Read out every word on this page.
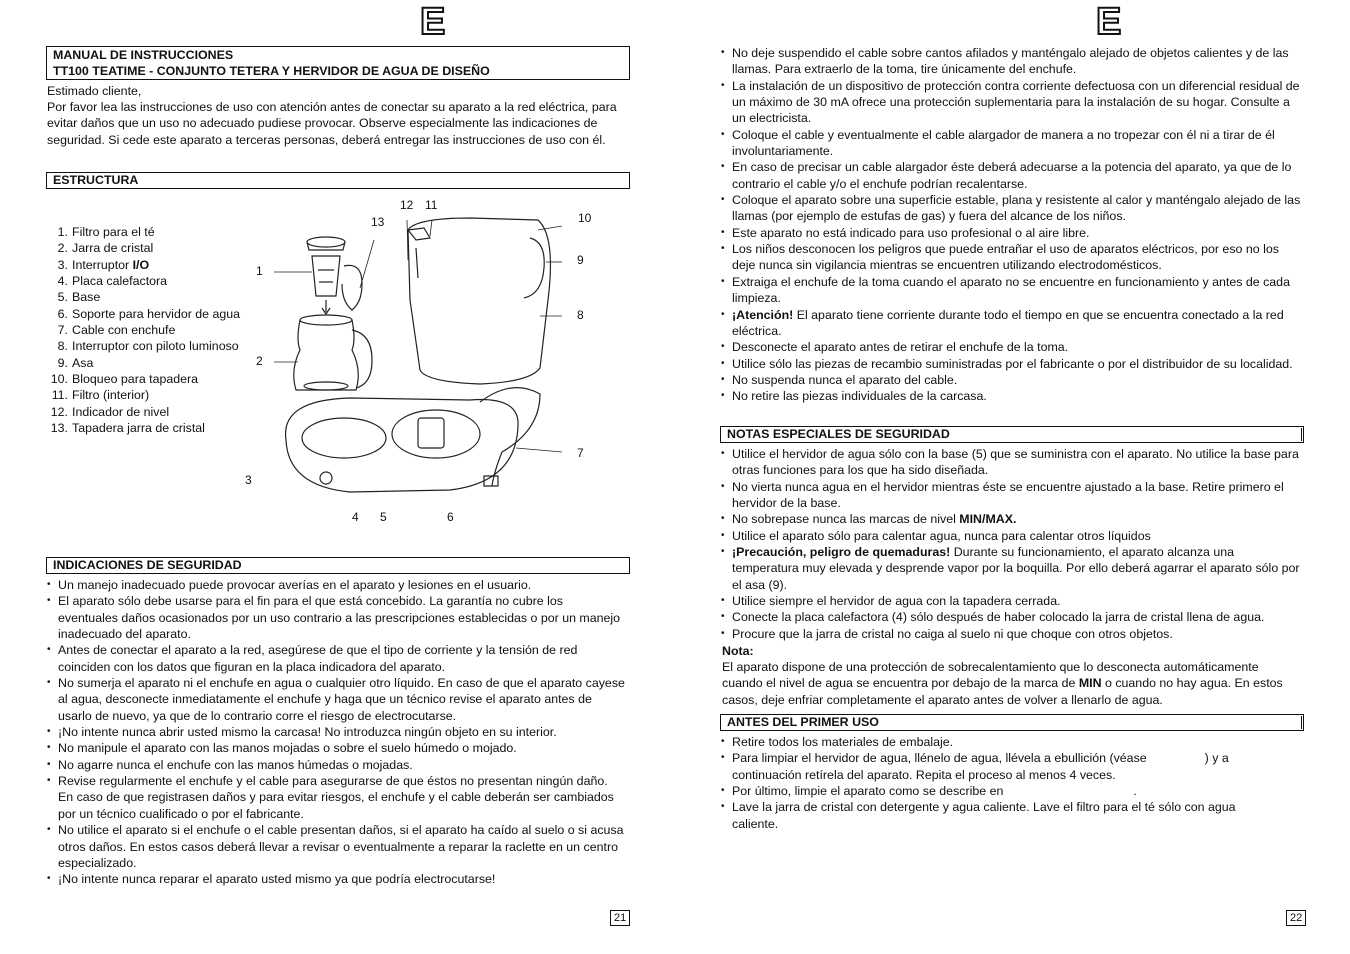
E
MANUAL DE INSTRUCCIONES
TT100 TEATIME - CONJUNTO TETERA Y HERVIDOR DE AGUA DE DISEÑO
Estimado cliente,
Por favor lea las instrucciones de uso con atención antes de conectar su aparato a la red eléctrica, para evitar daños que un uso no adecuado pudiese provocar. Observe especialmente las indicaciones de seguridad. Si cede este aparato a terceras personas, deberá entregar las instrucciones de uso con él.
ESTRUCTURA
1. Filtro para el té
2. Jarra de cristal
3. Interruptor I/O
4. Placa calefactora
5. Base
6. Soporte para hervidor de agua
7. Cable con enchufe
8. Interruptor con piloto luminoso
9. Asa
10. Bloqueo para tapadera
11. Filtro (interior)
12. Indicador de nivel
13. Tapadera jarra de cristal
1
2
3
4 5	6
7
8
9
10
11
12
13
INDICACIONES DE SEGURIDAD
• Un manejo inadecuado puede provocar averías en el aparato y lesiones en el usuario.
• El aparato sólo debe usarse para el fin para el que está concebido. La garantía no cubre los eventuales daños ocasionados por un uso contrario a las prescripciones establecidas o por un manejo inadecuado del aparato.
• Antes de conectar el aparato a la red, asegúrese de que el tipo de corriente y la tensión de red coinciden con los datos que figuran en la placa indicadora del aparato.
• No sumerja el aparato ni el enchufe en agua o cualquier otro líquido. En caso de que el aparato cayese al agua, desconecte inmediatamente el enchufe y haga que un técnico revise el aparato antes de usarlo de nuevo, ya que de lo contrario corre el riesgo de electrocutarse.
• ¡No intente nunca abrir usted mismo la carcasa! No introduzca ningún objeto en su interior.
• No manipule el aparato con las manos mojadas o sobre el suelo húmedo o mojado.
• No agarre nunca el enchufe con las manos húmedas o mojadas.
• Revise regularmente el enchufe y el cable para asegurarse de que éstos no presentan ningún daño. En caso de que registrasen daños y para evitar riesgos, el enchufe y el cable deberán ser cambiados por un técnico cualificado o por el fabricante.
• No utilice el aparato si el enchufe o el cable presentan daños, si el aparato ha caído al suelo o si acusa otros daños. En estos casos deberá llevar a revisar o eventualmente a reparar la raclette en un centro especializado.
• ¡No intente nunca reparar el aparato usted mismo ya que podría electrocutarse!
21
E
• No deje suspendido el cable sobre cantos afilados y manténgalo alejado de objetos calientes y de las llamas. Para extraerlo de la toma, tire únicamente del enchufe.
• La instalación de un dispositivo de protección contra corriente defectuosa con un diferencial residual de un máximo de 30 mA ofrece una protección suplementaria para la instalación de su hogar. Consulte a un electricista.
• Coloque el cable y eventualmente el cable alargador de manera a no tropezar con él ni a tirar de él involuntariamente.
• En caso de precisar un cable alargador éste deberá adecuarse a la potencia del aparato, ya que de lo contrario el cable y/o el enchufe podrían recalentarse.
• Coloque el aparato sobre una superficie estable, plana y resistente al calor y manténgalo alejado de las llamas (por ejemplo de estufas de gas) y fuera del alcance de los niños.
• Este aparato no está indicado para uso profesional o al aire libre.
• Los niños desconocen los peligros que puede entrañar el uso de aparatos eléctricos, por eso no los deje nunca sin vigilancia mientras se encuentren utilizando electrodomésticos.
• Extraiga el enchufe de la toma cuando el aparato no se encuentre en funcionamiento y antes de cada limpieza.
• ¡Atención! El aparato tiene corriente durante todo el tiempo en que se encuentra conectado a la red eléctrica.
• Desconecte el aparato antes de retirar el enchufe de la toma.
• Utilice sólo las piezas de recambio suministradas por el fabricante o por el distribuidor de su localidad.
• No suspenda nunca el aparato del cable.
• No retire las piezas individuales de la carcasa.
NOTAS ESPECIALES DE SEGURIDAD
• Utilice el hervidor de agua sólo con la base (5) que se suministra con el aparato. No utilice la base para otras funciones para los que ha sido diseñada.
• No vierta nunca agua en el hervidor mientras éste se encuentre ajustado a la base. Retire primero el hervidor de la base.
• No sobrepase nunca las marcas de nivel MIN/MAX.
• Utilice el aparato sólo para calentar agua, nunca para calentar otros líquidos
• ¡Precaución, peligro de quemaduras! Durante su funcionamiento, el aparato alcanza una temperatura muy elevada y desprende vapor por la boquilla. Por ello deberá agarrar el aparato sólo por el asa (9).
• Utilice siempre el hervidor de agua con la tapadera cerrada.
• Conecte la placa calefactora (4) sólo después de haber colocado la jarra de cristal llena de agua.
• Procure que la jarra de cristal no caiga al suelo ni que choque con otros objetos.
Nota:
El aparato dispone de una protección de sobrecalentamiento que lo desconecta automáticamente cuando el nivel de agua se encuentra por debajo de la marca de MIN o cuando no hay agua. En estos casos, deje enfriar completamente el aparato antes de volver a llenarlo de agua.
ANTES DEL PRIMER USO
• Retire todos los materiales de embalaje.
• Para limpiar el hervidor de agua, llénelo de agua, llévela a ebullición (véase	) y a continuación retírela del aparato. Repita el proceso al menos 4 veces.
• Por último, limpie el aparato como se describe en	.
• Lave la jarra de cristal con detergente y agua caliente. Lave el filtro para el té sólo con agua caliente.
22
